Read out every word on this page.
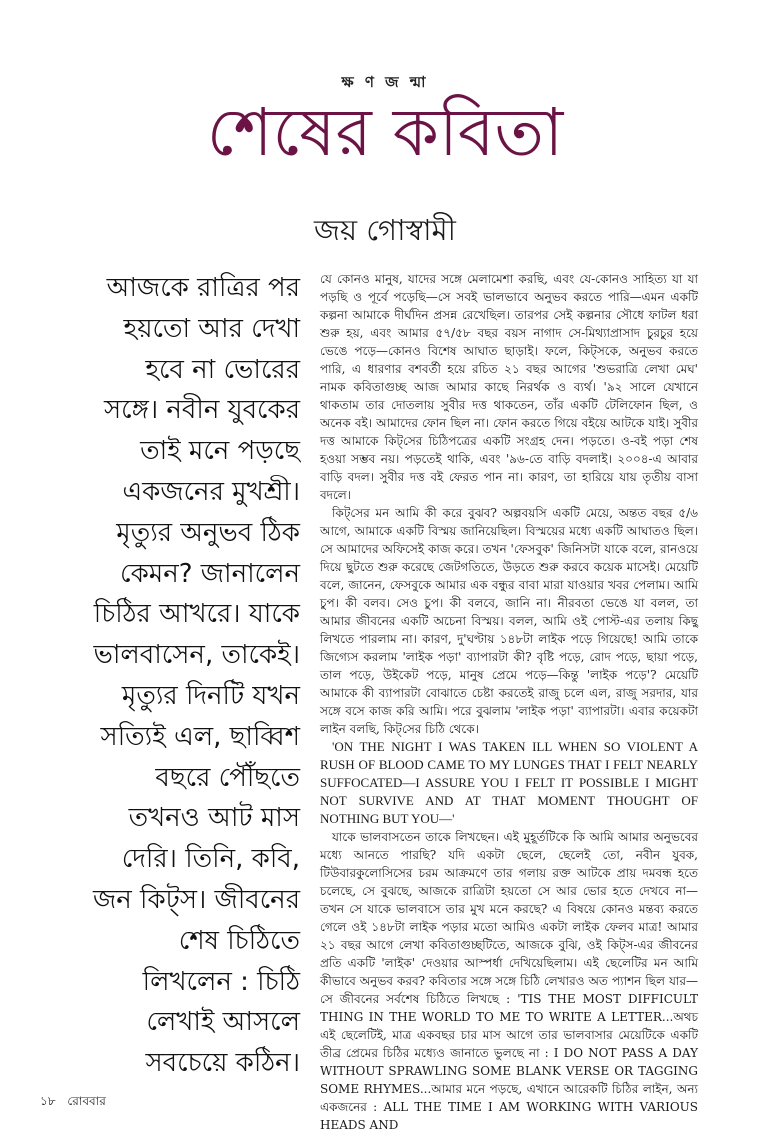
ক্ষ ণ জ ন্মা
শেষের কবিতা
জয় গোস্বামী
আজকে রাত্রির পর
হয়তো আর দেখা
হবে না ভোরের
সঙ্গে। নবীন যুবকের
তাই মনে পড়ছে
একজনের মুখশ্রী।
মৃত্যুর অনুভব ঠিক
কেমন? জানালেন
চিঠির আখরে। যাকে
ভালবাসেন, তাকেই।
মৃত্যুর দিনটি যখন
সত্যিই এল, ছাব্বিশ
বছরে পৌঁছতে
তখনও আট মাস
দেরি। তিনি, কবি,
জন কিট্‌স। জীবনের
শেষ চিঠিতে
লিখলেন : চিঠি
লেখাই আসলে
সবচেয়ে কঠিন।

যে কোনও মানুষ, যাদের সঙ্গে মেলামেশা করছি, এবং যে-কোনও সাহিত্য যা যা পড়ছি ও পূর্বে পড়েছি—সে সবই ভালভাবে অনুভব করতে পারি—এমন একটি কল্পনা আমাকে দীর্ঘদিন প্রসন্ন রেখেছিল। তারপর সেই কল্পনার সৌধে ফাটল ধরা শুরু হয়, এবং আমার ৫৭/৫৮ বছর বয়স নাগাদ সে-মিথ্যাপ্রাসাদ চুরচুর হয়ে ভেঙে পড়ে—কোনও বিশেষ আঘাত ছাড়াই। ফলে, কিট্‌সকে, অনুভব করতে পারি, এ ধারণার বশবর্তী হয়ে রচিত ২১ বছর আগের 'শুভরাত্রি লেখা মেঘ' নামক কবিতাগুচ্ছ আজ আমার কাছে নিরর্থক ও ব্যর্থ। '৯২ সালে যেখানে থাকতাম তার দোতলায় সুবীর দত্ত থাকতেন, তাঁর একটি টেলিফোন ছিল, ও অনেক বই। আমাদের ফোন ছিল না। ফোন করতে গিয়ে বইয়ে আটকে যাই। সুবীর দত্ত আমাকে কিট্‌সের চিঠিপত্রের একটি সংগ্রহ দেন। পড়তে। ও-বই পড়া শেষ হওয়া সম্ভব নয়। পড়তেই থাকি, এবং '৯৬-তে বাড়ি বদলাই। ২০০৪-এ আবার বাড়ি বদল। সুবীর দত্ত বই ফেরত পান না। কারণ, তা হারিয়ে যায় তৃতীয় বাসা বদলে।

কিট্‌সের মন আমি কী করে বুঝব? অল্পবয়সি একটি মেয়ে, অন্তত বছর ৫/৬ আগে, আমাকে একটি বিস্ময় জানিয়েছিল। বিস্ময়ের মধ্যে একটি আঘাতও ছিল। সে আমাদের অফিসেই কাজ করে। তখন 'ফেসবুক' জিনিসটা যাকে বলে, রানওয়ে দিয়ে ছুটতে শুরু করেছে জেটগতিতে, উড়তে শুরু করবে কয়েক মাসেই। মেয়েটি বলে, জানেন, ফেসবুকে আমার এক বন্ধুর বাবা মারা যাওয়ার খবর পেলাম। আমি চুপ। কী বলব। সেও চুপ। কী বলবে, জানি না। নীরবতা ভেঙে যা বলল, তা আমার জীবনের একটি অচেনা বিস্ময়। বলল, আমি ওই পোস্ট-এর তলায় কিছু লিখতে পারলাম না। কারণ, দু'ঘণ্টায় ১৪৮টা লাইক পড়ে গিয়েছে! আমি তাকে জিগ্যেস করলাম 'লাইক পড়া' ব্যাপারটা কী? বৃষ্টি পড়ে, রোদ পড়ে, ছায়া পড়ে, তাল পড়ে, উইকেট পড়ে, মানুষ প্রেমে পড়ে—কিন্তু 'লাইক পড়ে'? মেয়েটি আমাকে কী ব্যাপারটা বোঝাতে চেষ্টা করতেই রাজু চলে এল, রাজু সরদার, যার সঙ্গে বসে কাজ করি আমি। পরে বুঝলাম 'লাইক পড়া' ব্যাপারটা। এবার কয়েকটা লাইন বলছি, কিট্‌সের চিঠি থেকে।

'ON THE NIGHT I WAS TAKEN ILL WHEN SO VIOLENT A RUSH OF BLOOD CAME TO MY LUNGES THAT I FELT NEARLY SUFFOCATED—I ASSURE YOU I FELT IT POSSIBLE I MIGHT NOT SURVIVE AND AT THAT MOMENT THOUGHT OF NOTHING BUT YOU—'

যাকে ভালবাসতেন তাকে লিখছেন। এই মুহূর্তটিকে কি আমি আমার অনুভবের মধ্যে আনতে পারছি? যদি একটা ছেলে, ছেলেই তো, নবীন যুবক, টিউবারকুলোসিসের চরম আক্রমণে তার গলায় রক্ত আটকে প্রায় দমবন্ধ হতে চলেছে, সে বুঝছে, আজকে রাত্রিটা হয়তো সে আর ভোর হতে দেখবে না—তখন সে যাকে ভালবাসে তার মুখ মনে করছে? এ বিষয়ে কোনও মন্তব্য করতে গেলে ওই ১৪৮টা লাইক পড়ার মতো আমিও একটা লাইক ফেলব মাত্র! আমার ২১ বছর আগে লেখা কবিতাগুচ্ছটিতে, আজকে বুঝি, ওই কিট্‌স-এর জীবনের প্রতি একটি 'লাইক' দেওয়ার আস্পর্ধা দেখিয়েছিলাম। এই ছেলেটির মন আমি কীভাবে অনুভব করব? কবিতার সঙ্গে সঙ্গে চিঠি লেখারও অত প্যাশন ছিল যার—সে জীবনের সর্বশেষ চিঠিতে লিখছে : 'TIS THE MOST DIFFICULT THING IN THE WORLD TO ME TO WRITE A LETTER...অথচ এই ছেলেটিই, মাত্র একবছর চার মাস আগে তার ভালবাসার মেয়েটিকে একটি তীব্র প্রেমের চিঠির মধ্যেও জানাতে ভুলছে না : I DO NOT PASS A DAY WITHOUT SPRAWLING SOME BLANK VERSE OR TAGGING SOME RHYMES...আমার মনে পড়ছে, এখানে আরেকটি চিঠির লাইন, অন্য একজনের : ALL THE TIME I AM WORKING WITH VARIOUS HEADS AND

১৮ রোববার
